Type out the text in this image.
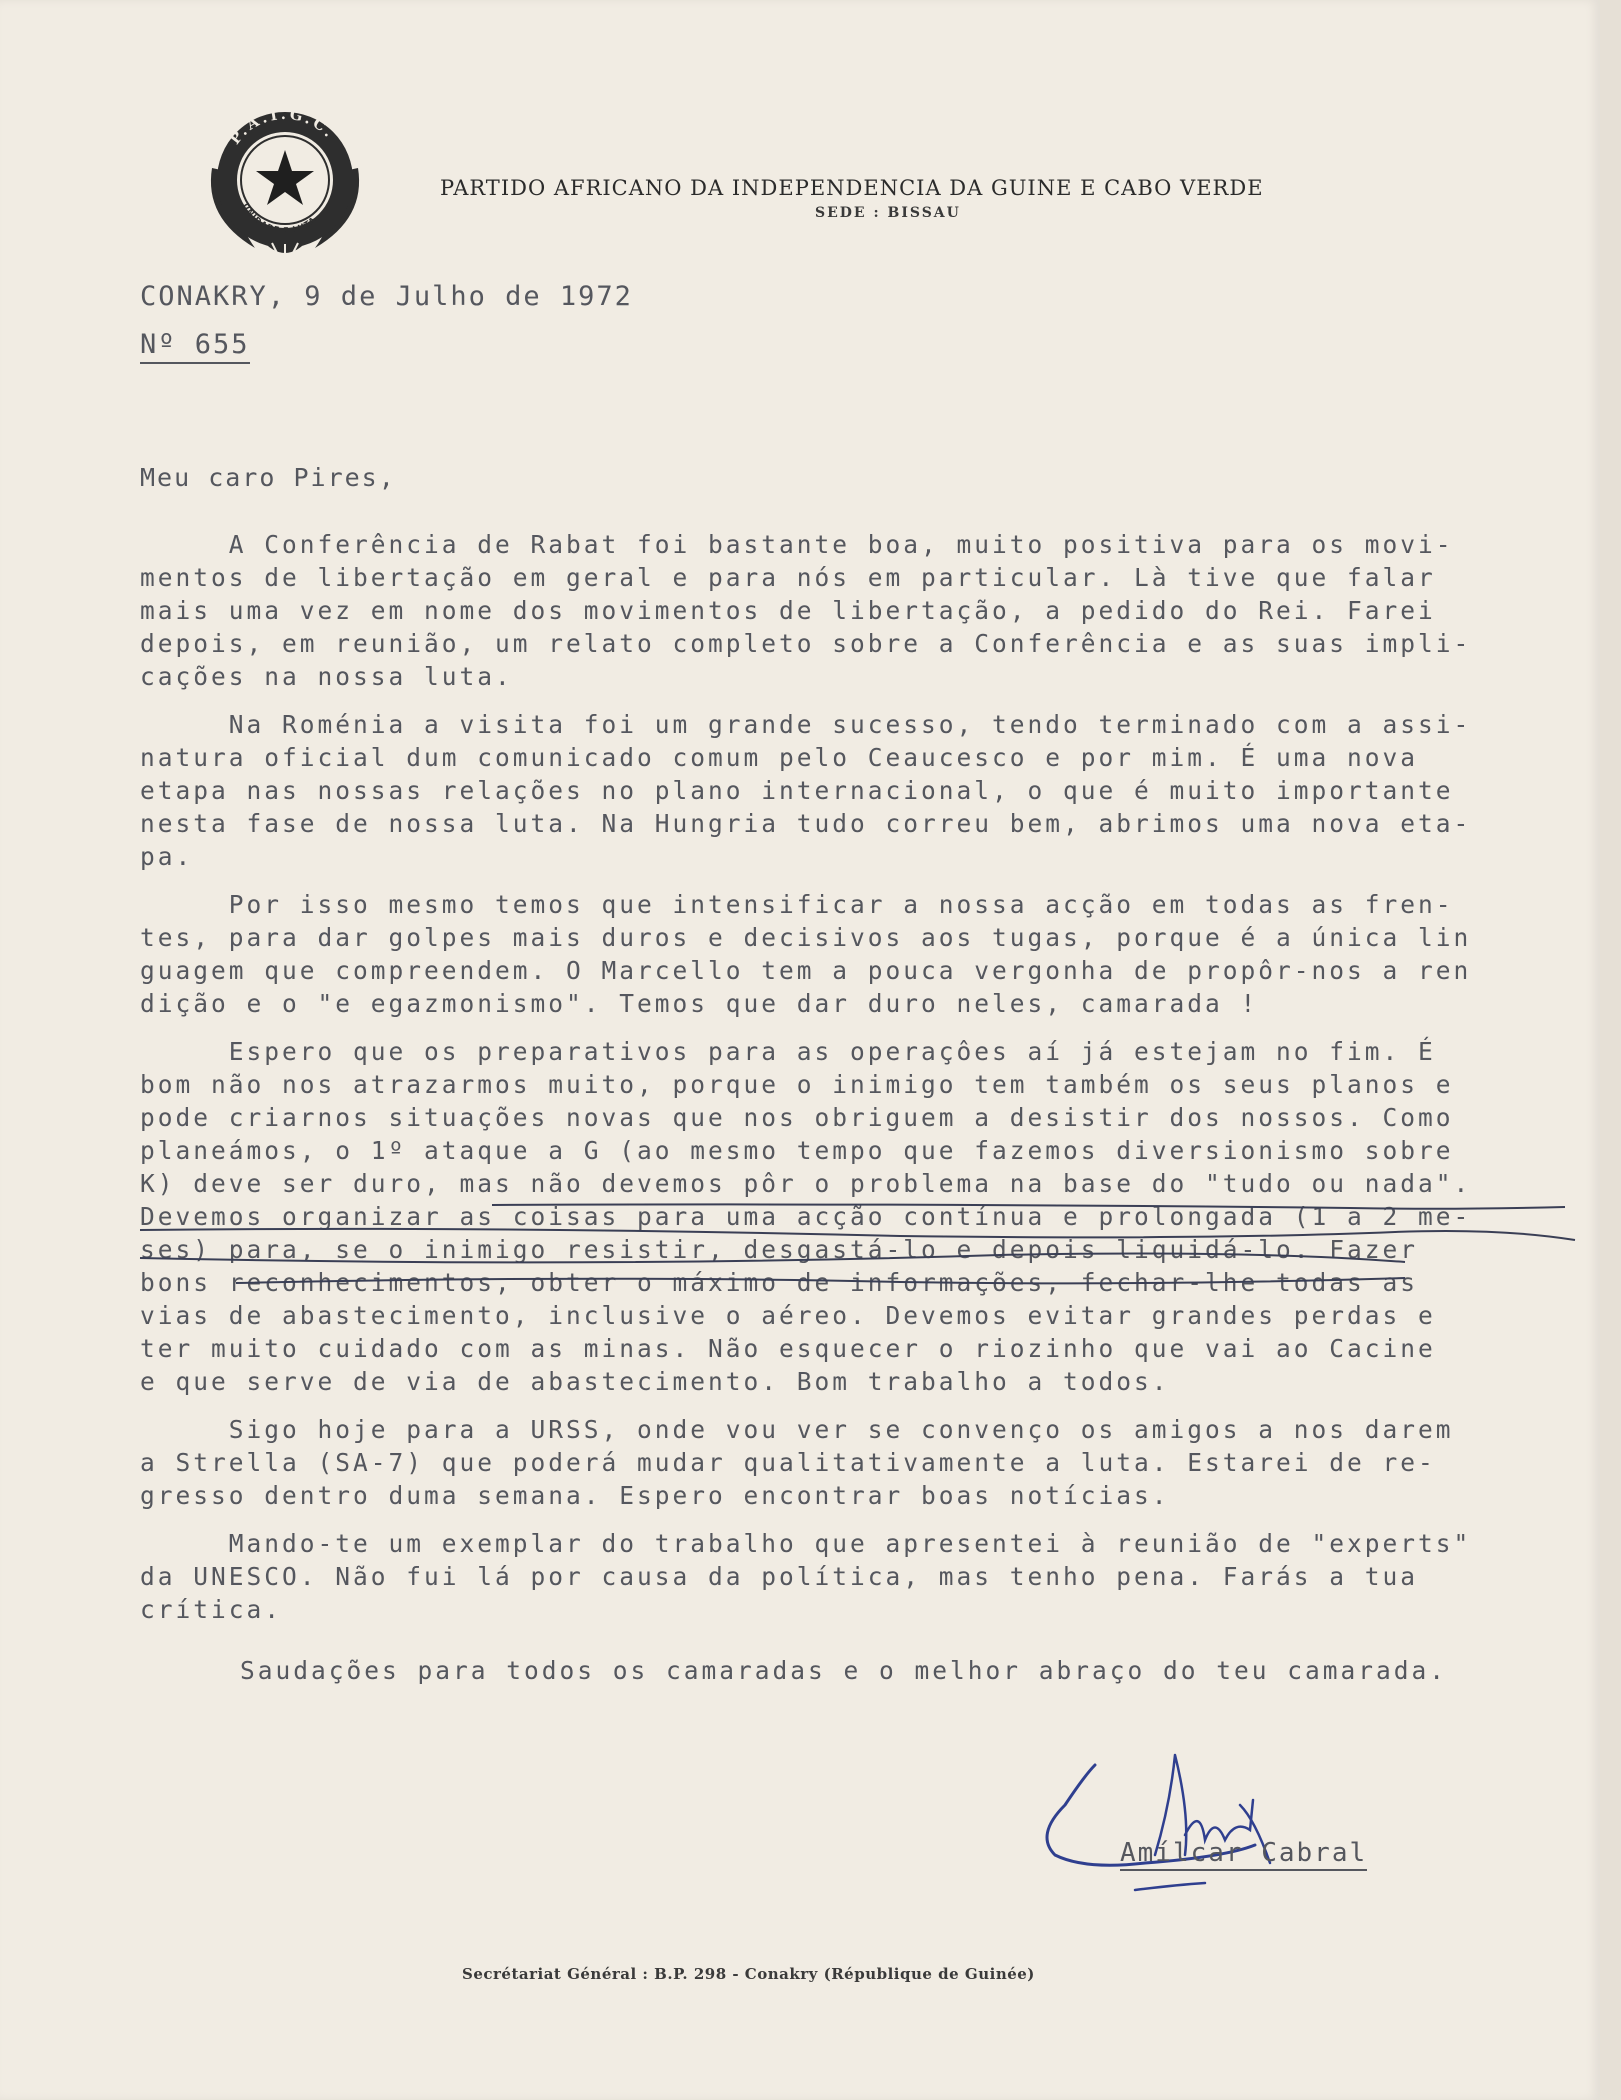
P.A.I.G.C.
UNIDADE E LUTA
PARTIDO AFRICANO DA INDEPENDENCIA DA GUINE E CABO VERDE
SEDE : BISSAU
CONAKRY, 9 de Julho de 1972
Nº 655
Meu caro Pires,
A Conferência de Rabat foi bastante boa, muito positiva para os movi-
mentos de libertação em geral e para nós em particular. Là tive que falar
mais uma vez em nome dos movimentos de libertação, a pedido do Rei. Farei
depois, em reunião, um relato completo sobre a Conferência e as suas impli-
cações na nossa luta.
Na Roménia a visita foi um grande sucesso, tendo terminado com a assi-
natura oficial dum comunicado comum pelo Ceaucesco e por mim. É uma nova
etapa nas nossas relações no plano internacional, o que é muito importante
nesta fase de nossa luta. Na Hungria tudo correu bem, abrimos uma nova eta-
pa.
Por isso mesmo temos que intensificar a nossa acção em todas as fren-
tes, para dar golpes mais duros e decisivos aos tugas, porque é a única lin
guagem que compreendem. O Marcello tem a pouca vergonha de propôr-nos a ren
dição e o "e egazmonismo". Temos que dar duro neles, camarada !
Espero que os preparativos para as operaçôes aí já estejam no fim. É
bom não nos atrazarmos muito, porque o inimigo tem também os seus planos e
pode criarnos situações novas que nos obriguem a desistir dos nossos. Como
planeámos, o 1º ataque a G (ao mesmo tempo que fazemos diversionismo sobre
K) deve ser duro, mas não devemos pôr o problema na base do "tudo ou nada".
Devemos organizar as coisas para uma acção contínua e prolongada (1 a 2 me-
ses) para, se o inimigo resistir, desgastá-lo e depois liquidá-lo. Fazer
bons reconhecimentos, obter o máximo de informações, fechar-lhe todas as
vias de abastecimento, inclusive o aéreo. Devemos evitar grandes perdas e
ter muito cuidado com as minas. Não esquecer o riozinho que vai ao Cacine
e que serve de via de abastecimento. Bom trabalho a todos.
Sigo hoje para a URSS, onde vou ver se convenço os amigos a nos darem
a Strella (SA-7) que poderá mudar qualitativamente a luta. Estarei de re-
gresso dentro duma semana. Espero encontrar boas notícias.
Mando-te um exemplar do trabalho que apresentei à reunião de "experts"
da UNESCO. Não fui lá por causa da política, mas tenho pena. Farás a tua
crítica.
Saudações para todos os camaradas e o melhor abraço do teu camarada.
Amílcar Cabral
Secrétariat Général : B.P. 298 - Conakry (République de Guinée)
